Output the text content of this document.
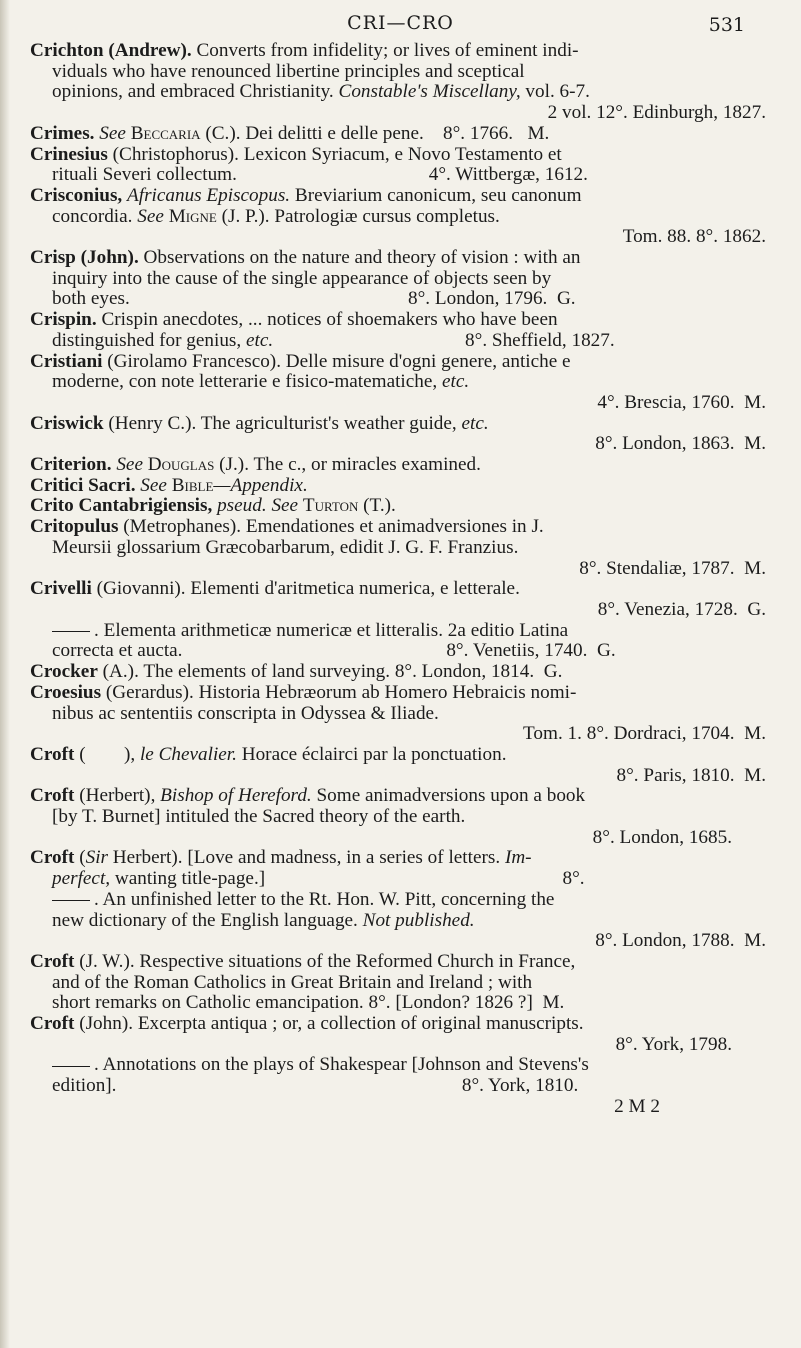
CRI—CRO	531
Crichton (Andrew). Converts from infidelity; or lives of eminent indi-
viduals who have renounced libertine principles and sceptical
opinions, and embraced Christianity. Constable's Miscellany, vol. 6-7.
2 vol. 12°. Edinburgh, 1827.
Crimes. See Beccaria (C.). Dei delitti e delle pene. 8°. 1766. M.
Crinesius (Christophorus). Lexicon Syriacum, e Novo Testamento et
rituali Severi collectum.	4°. Wittbergæ, 1612.
Crisconius, Africanus Episcopus. Breviarium canonicum, seu canonum
concordia. See Migne (J. P.). Patrologiæ cursus completus.
Tom. 88. 8°. 1862.
Crisp (John). Observations on the nature and theory of vision : with an
inquiry into the cause of the single appearance of objects seen by
both eyes.	8°. London, 1796. G.
Crispin. Crispin anecdotes, ... notices of shoemakers who have been
distinguished for genius, etc.	8°. Sheffield, 1827.
Cristiani (Girolamo Francesco). Delle misure d'ogni genere, antiche e
moderne, con note letterarie e fisico-matematiche, etc.
4°. Brescia, 1760. M.
Criswick (Henry C.). The agriculturist's weather guide, etc.
8°. London, 1863. M.
Criterion. See Douglas (J.). The c., or miracles examined.
Critici Sacri. See Bible—Appendix.
Crito Cantabrigiensis, pseud. See Turton (T.).
Critopulus (Metrophanes). Emendationes et animadversiones in J.
Meursii glossarium Græcobarbarum, edidit J. G. F. Franzius.
8°. Stendaliæ, 1787. M.
Crivelli (Giovanni). Elementi d'aritmetica numerica, e letterale.
8°. Venezia, 1728. G.
. Elementa arithmeticæ numericæ et litteralis. 2a editio Latina
correcta et aucta.	8°. Venetiis, 1740. G.
Crocker (A.). The elements of land surveying. 8°. London, 1814. G.
Croesius (Gerardus). Historia Hebræorum ab Homero Hebraicis nomi-
nibus ac sententiis conscripta in Odyssea & Iliade.
Tom. 1. 8°. Dordraci, 1704. M.
Croft (        ), le Chevalier. Horace éclairci par la ponctuation.
8°. Paris, 1810. M.
Croft (Herbert), Bishop of Hereford. Some animadversions upon a book
[by T. Burnet] intituled the Sacred theory of the earth.
8°. London, 1685.
Croft (Sir Herbert). [Love and madness, in a series of letters. Im-
perfect, wanting title-page.]	8°.
. An unfinished letter to the Rt. Hon. W. Pitt, concerning the
new dictionary of the English language. Not published.
8°. London, 1788. M.
Croft (J. W.). Respective situations of the Reformed Church in France,
and of the Roman Catholics in Great Britain and Ireland ; with
short remarks on Catholic emancipation. 8°. [London? 1826 ?] M.
Croft (John). Excerpta antiqua ; or, a collection of original manuscripts.
8°. York, 1798.
. Annotations on the plays of Shakespear [Johnson and Stevens's
edition].	8°. York, 1810.
2 M 2
